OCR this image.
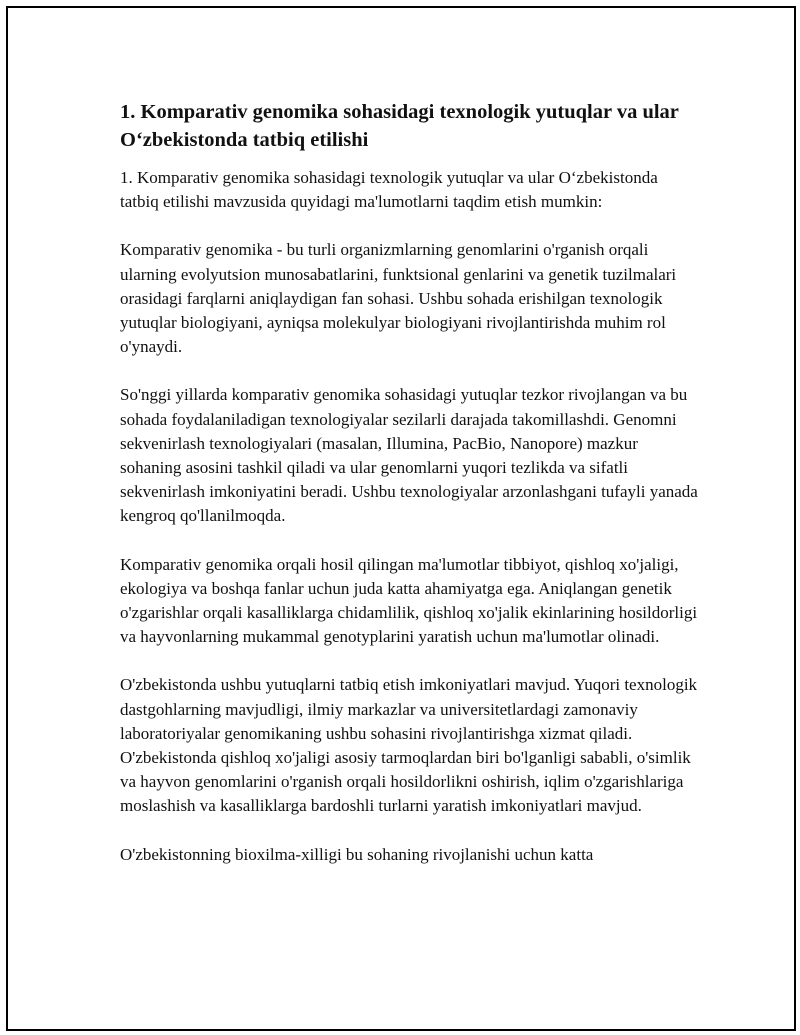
1. Komparativ genomika sohasidagi texnologik yutuqlar va ular O‘zbekistonda tatbiq etilishi

1. Komparativ genomika sohasidagi texnologik yutuqlar va ular O‘zbekistonda tatbiq etilishi mavzusida quyidagi ma'lumotlarni taqdim etish mumkin:

Komparativ genomika - bu turli organizmlarning genomlarini o'rganish orqali ularning evolyutsion munosabatlarini, funktsional genlarini va genetik tuzilmalari orasidagi farqlarni aniqlaydigan fan sohasi. Ushbu sohada erishilgan texnologik yutuqlar biologiyani, ayniqsa molekulyar biologiyani rivojlantirishda muhim rol o'ynaydi.

So'nggi yillarda komparativ genomika sohasidagi yutuqlar tezkor rivojlangan va bu sohada foydalaniladigan texnologiyalar sezilarli darajada takomillashdi. Genomni sekvenirlash texnologiyalari (masalan, Illumina, PacBio, Nanopore) mazkur sohaning asosini tashkil qiladi va ular genomlarni yuqori tezlikda va sifatli sekvenirlash imkoniyatini beradi. Ushbu texnologiyalar arzonlashgani tufayli yanada kengroq qo'llanilmoqda.

Komparativ genomika orqali hosil qilingan ma'lumotlar tibbiyot, qishloq xo'jaligi, ekologiya va boshqa fanlar uchun juda katta ahamiyatga ega. Aniqlangan genetik o'zgarishlar orqali kasalliklarga chidamlilik, qishloq xo'jalik ekinlarining hosildorligi va hayvonlarning mukammal genotyplarini yaratish uchun ma'lumotlar olinadi.

O'zbekistonda ushbu yutuqlarni tatbiq etish imkoniyatlari mavjud. Yuqori texnologik dastgohlarning mavjudligi, ilmiy markazlar va universitetlardagi zamonaviy laboratoriyalar genomikaning ushbu sohasini rivojlantirishga xizmat qiladi. O'zbekistonda qishloq xo'jaligi asosiy tarmoqlardan biri bo'lganligi sababli, o'simlik va hayvon genomlarini o'rganish orqali hosildorlikni oshirish, iqlim o'zgarishlariga moslashish va kasalliklarga bardoshli turlarni yaratish imkoniyatlari mavjud.

O'zbekistonning bioxilma-xilligi bu sohaning rivojlanishi uchun katta
